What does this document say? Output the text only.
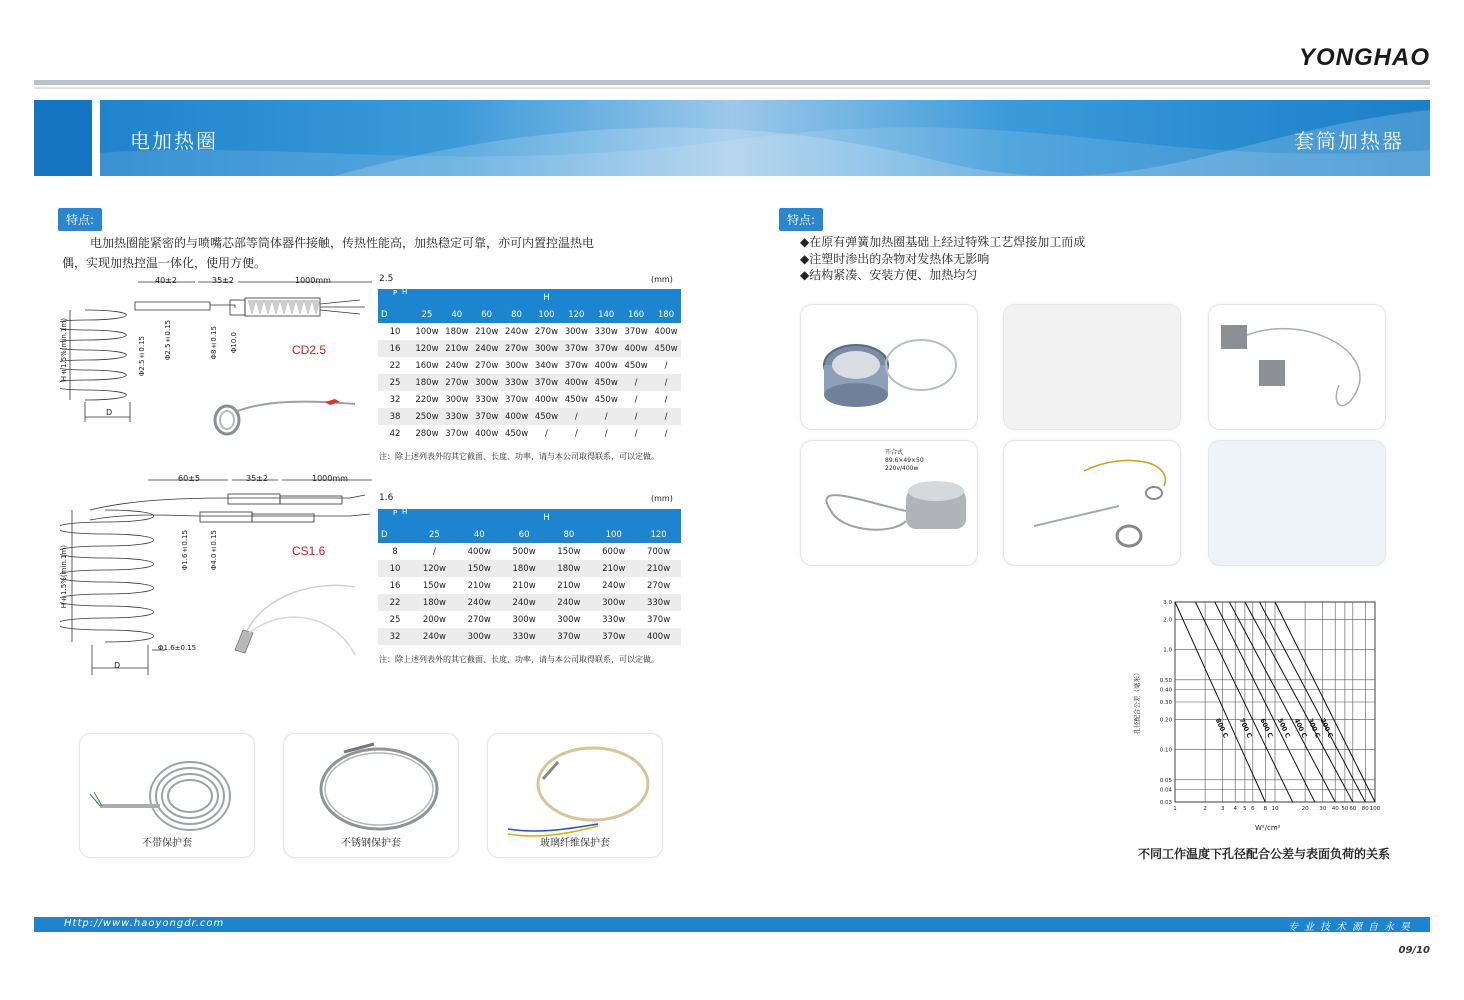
YONGHAO
电加热圈	套筒加热器
特点:
电加热圈能紧密的与喷嘴芯部等筒体器件接触，传热性能高，加热稳定可靠，亦可内置控温热电
偶，实现加热控温一体化，使用方便。
40±2	35±2	1000mm
H±1.5%(min.1m)
D
Φ2.5±0.15	Φ2.5±0.15	Φ8±0.15 Φ10.0	CD2.5
2.5	(mm)
P H	H								
D	25	40	60	80	100	120	140	160	180
10	100w	180w	210w	240w	270w	300w	330w	370w	400w
16	120w	210w	240w	270w	300w	370w	370w	400w	450w
22	160w	240w	270w	300w	340w	370w	400w	450w	/
25	180w	270w	300w	330w	370w	400w	450w	/	/
32	220w	300w	330w	370w	400w	450w	450w	/	/
38	250w	330w	370w	400w	450w	/	/	/	/
42	280w	370w	400w	450w	/	/	/	/	/
注：除上述列表外的其它截面、长度、功率，请与本公司取得联系，可以定做。
60±5	35±2	1000mm
H±1.5%(min.1m)
D
Φ1.6±0.15	Φ4.0±0.15
Φ1.6±0.15
CS1.6
1.6	(mm)
P H	H					
D	25	40	60	80	100	120
8	/	400w	500w	150w	600w	700w
10	120w	150w	180w	180w	210w	210w
16	150w	210w	210w	210w	240w	270w
22	180w	240w	240w	240w	300w	330w
25	200w	270w	300w	300w	330w	370w
32	240w	300w	330w	370w	370w	400w
注：除上述列表外的其它截面、长度、功率，请与本公司取得联系，可以定做。
不带保护套	不锈钢保护套	玻璃纤维保护套
特点:
◆在原有弹簧加热圈基础上经过特殊工艺焊接加工而成
◆注塑时渗出的杂物对发热体无影响
◆结构紧凑、安装方便、加热均匀
开合式
89.6×49×50
220v/400w
1	2	3 4 5 6 8 10	20 30 40 50 60 80 100
3.0
2.0
1.0
0.50
0.40
0.30
0.20
0.10
0.05
0.04
0.03
800 C 700 C 600 C 500 C 400 C
300 C
200 C
W²/cm²
孔径配合公差（毫米）
不同工作温度下孔径配合公差与表面负荷的关系
Http://www.haoyongdr.com	专业技术源自永昊
09/10
